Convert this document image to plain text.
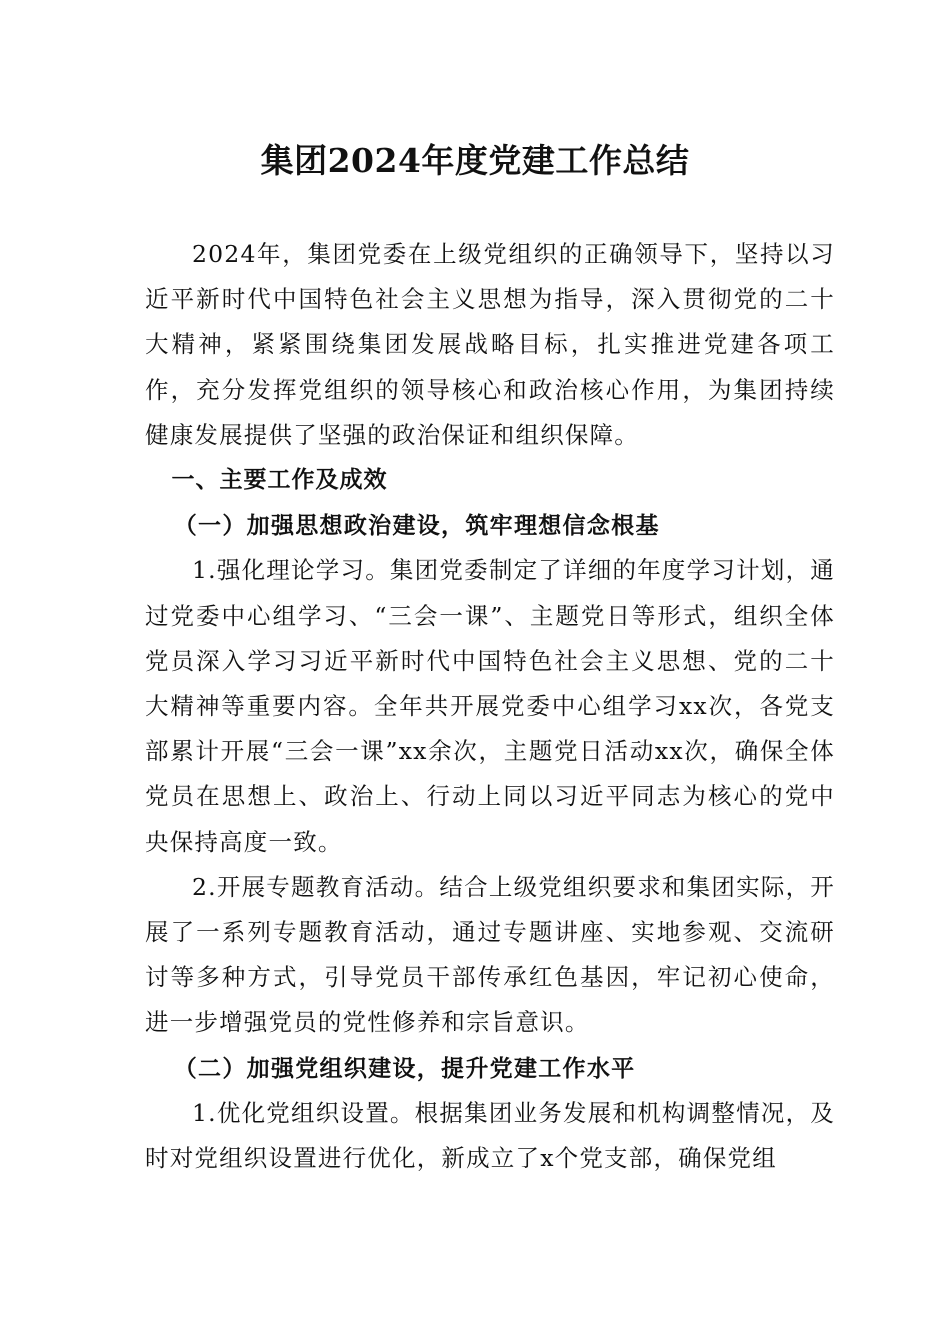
集团2024年度党建工作总结

2024年，集团党委在上级党组织的正确领导下，坚持以习近平新时代中国特色社会主义思想为指导，深入贯彻党的二十大精神，紧紧围绕集团发展战略目标，扎实推进党建各项工作，充分发挥党组织的领导核心和政治核心作用，为集团持续健康发展提供了坚强的政治保证和组织保障。

一、主要工作及成效

（一）加强思想政治建设，筑牢理想信念根基

1.强化理论学习。集团党委制定了详细的年度学习计划，通过党委中心组学习、“三会一课”、主题党日等形式，组织全体党员深入学习习近平新时代中国特色社会主义思想、党的二十大精神等重要内容。全年共开展党委中心组学习xx次，各党支部累计开展“三会一课”xx余次，主题党日活动xx次，确保全体党员在思想上、政治上、行动上同以习近平同志为核心的党中央保持高度一致。

2.开展专题教育活动。结合上级党组织要求和集团实际，开展了一系列专题教育活动，通过专题讲座、实地参观、交流研讨等多种方式，引导党员干部传承红色基因，牢记初心使命，进一步增强党员的党性修养和宗旨意识。

（二）加强党组织建设，提升党建工作水平

1.优化党组织设置。根据集团业务发展和机构调整情况，及时对党组织设置进行优化，新成立了x个党支部，确保党组
